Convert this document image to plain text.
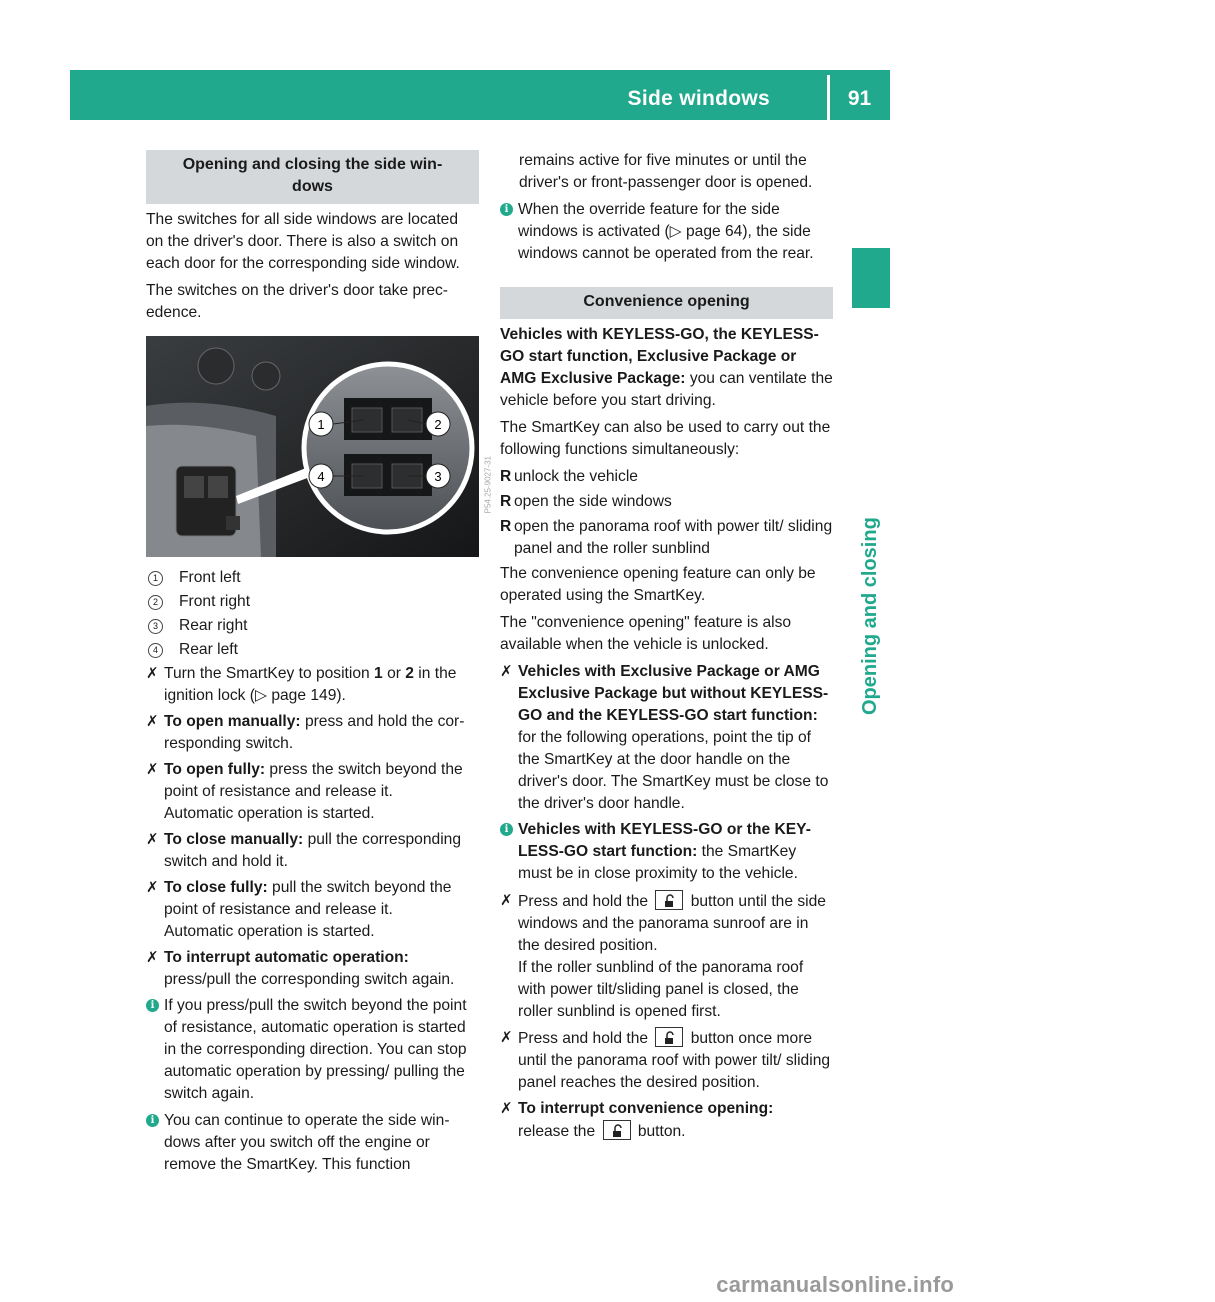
Side windows	91
Opening and closing
Opening and closing the side win-
dows

The switches for all side windows are located on the driver's door. There is also a switch on each door for the corresponding side window.

The switches on the driver's door take prec- edence.

1	2
3
4	P54.25-9027-31
1	Front left
2	Front right
3	Rear right
4	Rear left
✗ Turn the SmartKey to position 1 or 2 in the ignition lock (▷ page 149).
✗ To open manually: press and hold the cor- responding switch.
✗ To open fully: press the switch beyond the point of resistance and release it.
Automatic operation is started.
✗ To close manually: pull the corresponding switch and hold it.
✗ To close fully: pull the switch beyond the point of resistance and release it.
Automatic operation is started.
✗ To interrupt automatic operation:
press/pull the corresponding switch again.
i If you press/pull the switch beyond the point of resistance, automatic operation is started in the corresponding direction. You can stop automatic operation by pressing/ pulling the switch again.
i You can continue to operate the side win- dows after you switch off the engine or remove the SmartKey. This function

remains active for five minutes or until the driver's or front-passenger door is opened.

i When the override feature for the side windows is activated (▷ page 64), the side windows cannot be operated from the rear.
Convenience opening

Vehicles with KEYLESS-GO, the KEYLESS- GO start function, Exclusive Package or AMG Exclusive Package: you can ventilate the vehicle before you start driving.

The SmartKey can also be used to carry out the following functions simultaneously:

R unlock the vehicle
R open the side windows
R open the panorama roof with power tilt/ sliding panel and the roller sunblind

The convenience opening feature can only be operated using the SmartKey.

The "convenience opening" feature is also available when the vehicle is unlocked.

✗ Vehicles with Exclusive Package or AMG Exclusive Package but without KEYLESS-GO and the KEYLESS-GO start function: for the following operations, point the tip of the SmartKey at the door handle on the driver's door. The SmartKey must be close to the driver's door handle.
i Vehicles with KEYLESS-GO or the KEY- LESS-GO start function: the SmartKey must be in close proximity to the vehicle.
✗ Press and hold the  button until the side windows and the panorama sunroof are in the desired position.
If the roller sunblind of the panorama roof with power tilt/sliding panel is closed, the roller sunblind is opened first.
✗ Press and hold the  button once more until the panorama roof with power tilt/ sliding panel reaches the desired position.
✗ To interrupt convenience opening:
release the  button.
carmanualsonline.info
